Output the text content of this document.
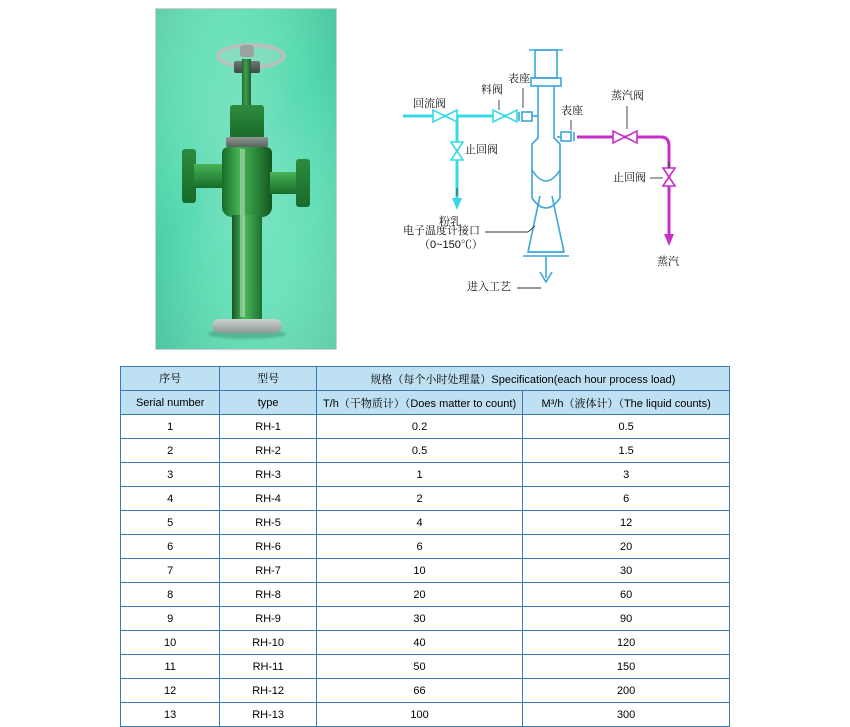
回流阀
料阀
表座
表座
蒸汽阀
止回阀
止回阀
粉乳
蒸汽
电子温度计接口
（0~150℃）
进入工艺
序号	型号	规格（每个小时处理量）Specification(each hour process load)	
Serial number	type	T/h（干物质计）（Does matter to count)	M³/h（液体计）（The liquid counts)
1	RH-1	0.2	0.5
2	RH-2	0.5	1.5
3	RH-3	1	3
4	RH-4	2	6
5	RH-5	4	12
6	RH-6	6	20
7	RH-7	10	30
8	RH-8	20	60
9	RH-9	30	90
10	RH-10	40	120
11	RH-11	50	150
12	RH-12	66	200
13	RH-13	100	300
